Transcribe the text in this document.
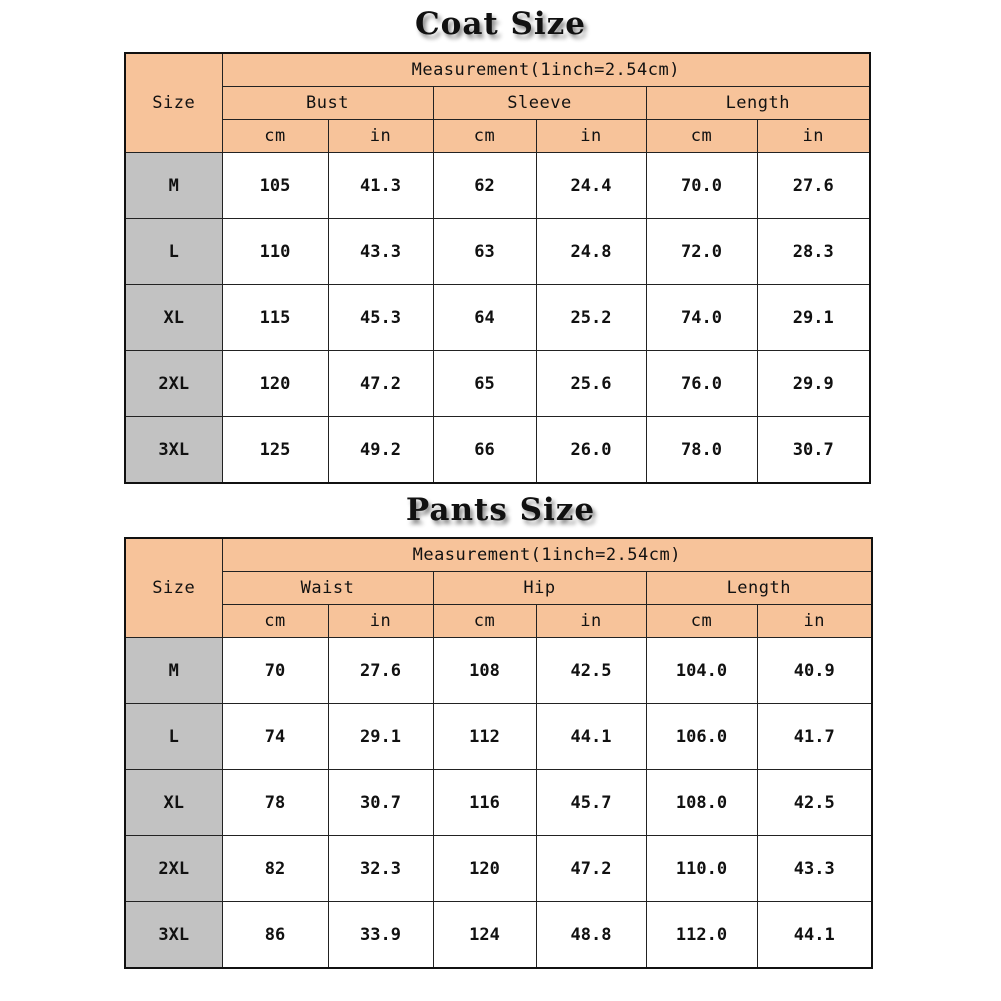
Coat Size
Size	Measurement(1inch=2.54cm)					
	Bust		Sleeve		Length	
	cm	in	cm	in	cm	in
M	105	41.3	62	24.4	70.0	27.6
L	110	43.3	63	24.8	72.0	28.3
XL	115	45.3	64	25.2	74.0	29.1
2XL	120	47.2	65	25.6	76.0	29.9
3XL	125	49.2	66	26.0	78.0	30.7
Pants Size
Size	Measurement(1inch=2.54cm)					
	Waist		Hip		Length	
	cm	in	cm	in	cm	in
M	70	27.6	108	42.5	104.0	40.9
L	74	29.1	112	44.1	106.0	41.7
XL	78	30.7	116	45.7	108.0	42.5
2XL	82	32.3	120	47.2	110.0	43.3
3XL	86	33.9	124	48.8	112.0	44.1
